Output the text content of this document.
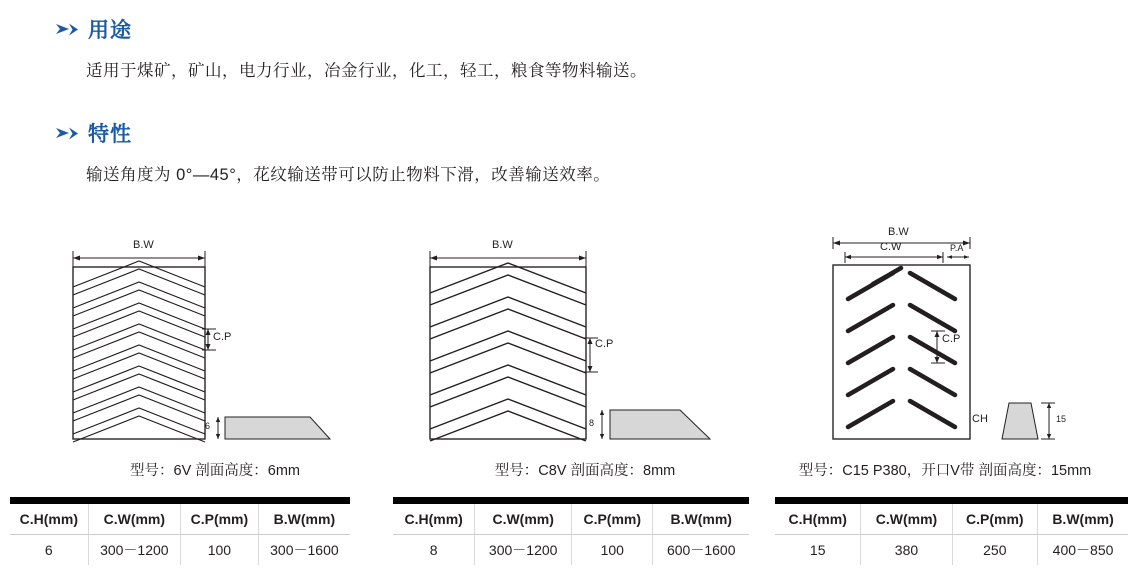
用途
适用于煤矿，矿山，电力行业，冶金行业，化工，轻工，粮食等物料输送。
特性
输送角度为 0°—45°，花纹输送带可以防止物料下滑，改善输送效率。
B.W
C.P
6
型号：6V 剖面高度：6mm

C.H(mm)	C.W(mm)	C.P(mm)	B.W(mm)
6	300－1200	100	300－1600
B.W
C.P
8
型号：C8V 剖面高度：8mm

C.H(mm)	C.W(mm)	C.P(mm)	B.W(mm)
8	300－1200	100	600－1600
B.W
C.W	P.A
C.P
CH	15
型号：C15 P380，开口V带 剖面高度：15mm

C.H(mm)	C.W(mm)	C.P(mm)	B.W(mm)
15	380	250	400－850
